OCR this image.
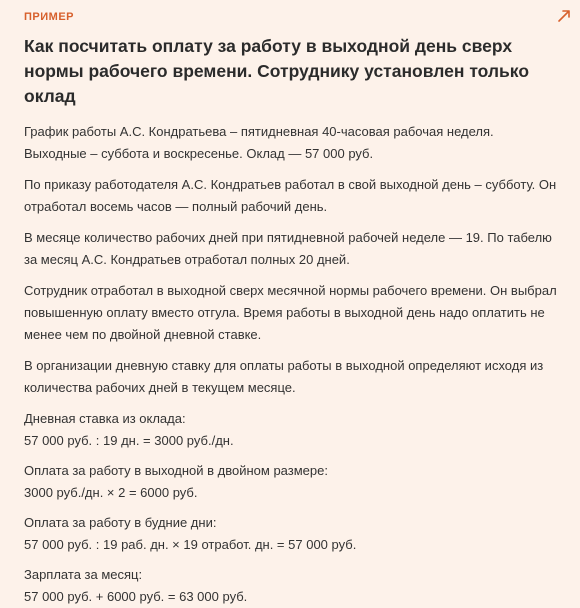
ПРИМЕР
Как посчитать оплату за работу в выходной день сверх нормы рабочего времени. Сотруднику установлен только оклад

График работы А.С. Кондратьева – пятидневная 40-часовая рабочая неделя. Выходные – суббота и воскресенье. Оклад — 57 000 руб.

По приказу работодателя А.С. Кондратьев работал в свой выходной день – субботу. Он отработал восемь часов — полный рабочий день.

В месяце количество рабочих дней при пятидневной рабочей неделе — 19. По табелю за месяц А.С. Кондратьев отработал полных 20 дней.

Сотрудник отработал в выходной сверх месячной нормы рабочего времени. Он выбрал повышенную оплату вместо отгула. Время работы в выходной день надо оплатить не менее чем по двойной дневной ставке.

В организации дневную ставку для оплаты работы в выходной определяют исходя из количества рабочих дней в текущем месяце.

Дневная ставка из оклада:
57 000 руб. : 19 дн. = 3000 руб./дн.
Оплата за работу в выходной в двойном размере:
3000 руб./дн. × 2 = 6000 руб.
Оплата за работу в будние дни:
57 000 руб. : 19 раб. дн. × 19 отработ. дн. = 57 000 руб.
Зарплата за месяц:
57 000 руб. + 6000 руб. = 63 000 руб.
